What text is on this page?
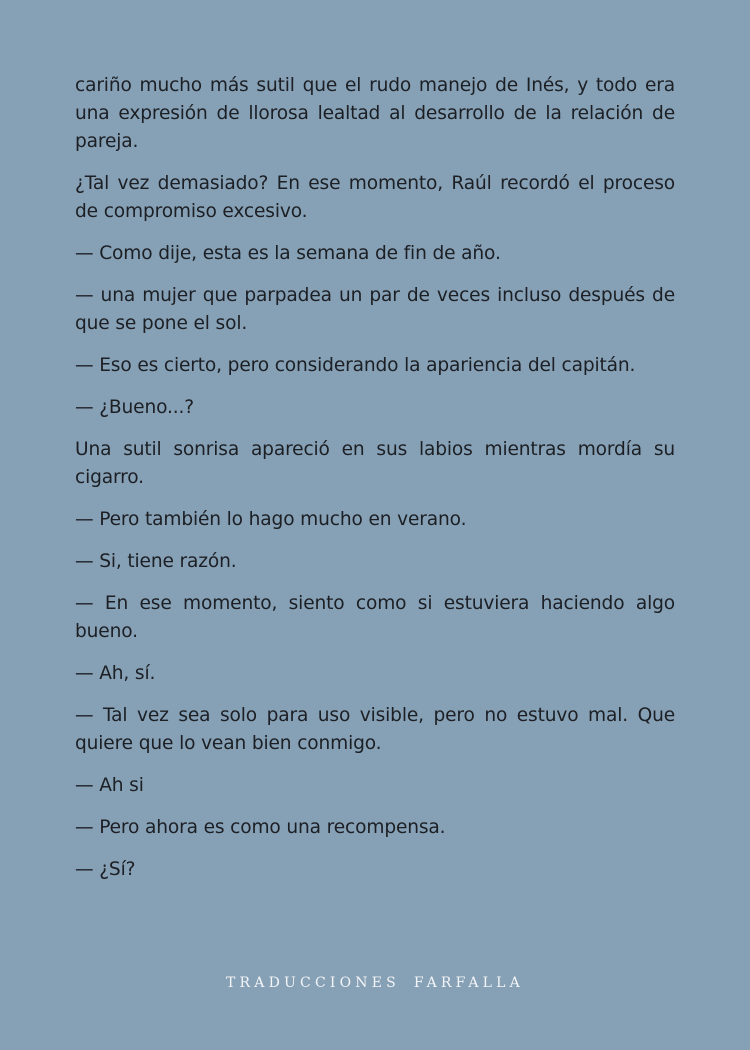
cariño mucho más sutil que el rudo manejo de Inés, y todo era una expresión de llorosa lealtad al desarrollo de la relación de pareja.

¿Tal vez demasiado? En ese momento, Raúl recordó el proceso de compromiso excesivo.

— Como dije, esta es la semana de fin de año.

— una mujer que parpadea un par de veces incluso después de que se pone el sol.

— Eso es cierto, pero considerando la apariencia del capitán.

— ¿Bueno...?

Una sutil sonrisa apareció en sus labios mientras mordía su cigarro.

— Pero también lo hago mucho en verano.

— Si, tiene razón.

— En ese momento, siento como si estuviera haciendo algo bueno.

— Ah, sí.

— Tal vez sea solo para uso visible, pero no estuvo mal. Que quiere que lo vean bien conmigo.

— Ah si

— Pero ahora es como una recompensa.

— ¿Sí?

TRADUCCIONES FARFALLA
